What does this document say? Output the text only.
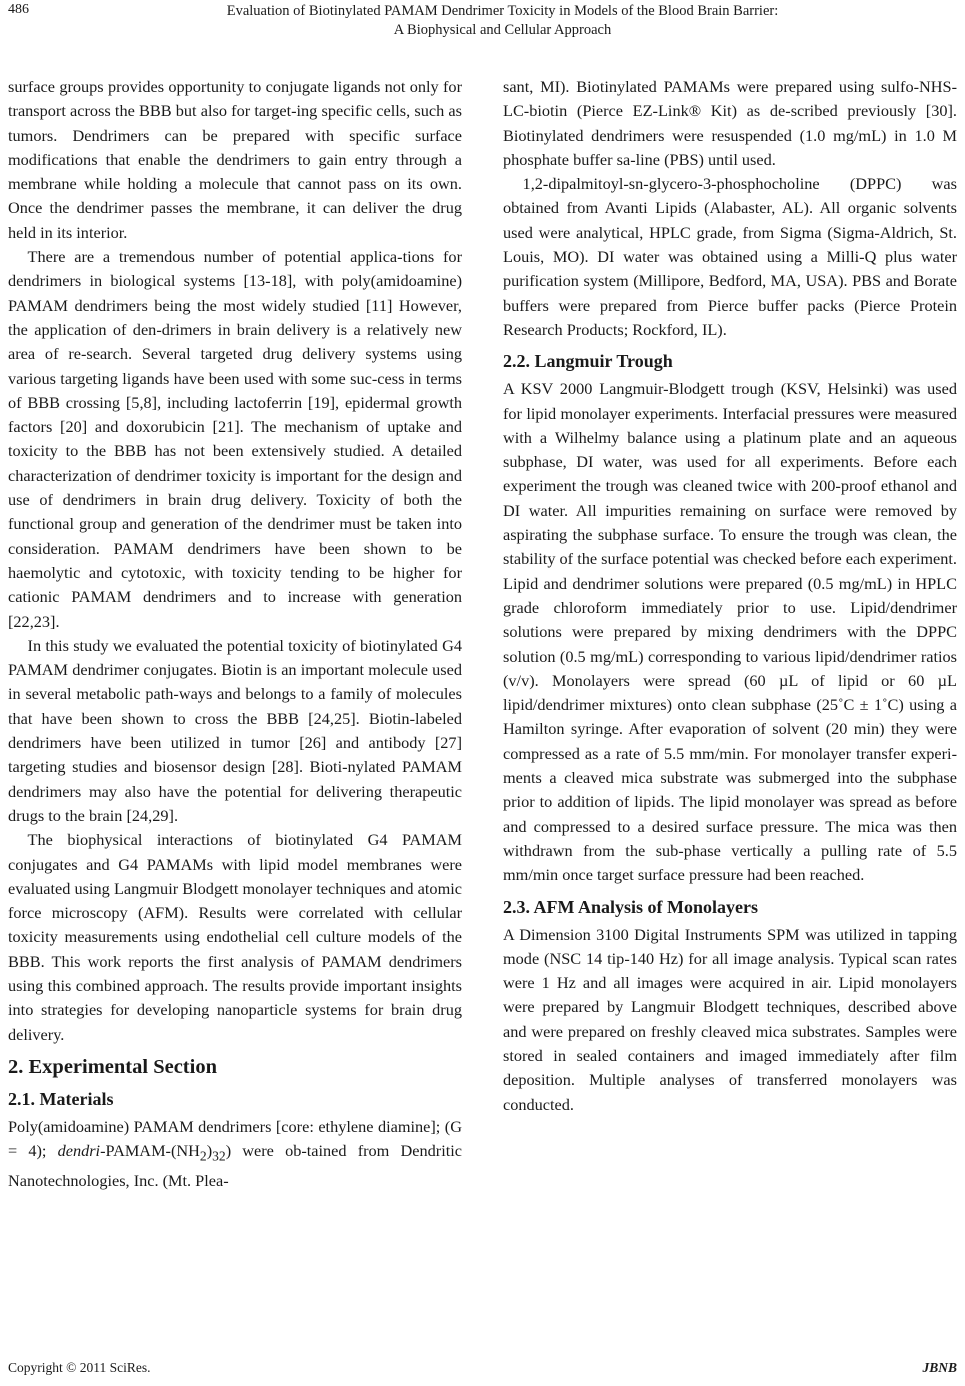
486	Evaluation of Biotinylated PAMAM Dendrimer Toxicity in Models of the Blood Brain Barrier:
A Biophysical and Cellular Approach

surface groups provides opportunity to conjugate ligands not only for transport across the BBB but also for target-ing specific cells, such as tumors. Dendrimers can be prepared with specific surface modifications that enable the dendrimers to gain entry through a membrane while holding a molecule that cannot pass on its own. Once the dendrimer passes the membrane, it can deliver the drug held in its interior.

There are a tremendous number of potential applica-tions for dendrimers in biological systems [13-18], with poly(amidoamine) PAMAM dendrimers being the most widely studied [11] However, the application of den-drimers in brain delivery is a relatively new area of re-search. Several targeted drug delivery systems using various targeting ligands have been used with some suc-cess in terms of BBB crossing [5,8], including lactoferrin [19], epidermal growth factors [20] and doxorubicin [21]. The mechanism of uptake and toxicity to the BBB has not been extensively studied. A detailed characterization of dendrimer toxicity is important for the design and use of dendrimers in brain drug delivery. Toxicity of both the functional group and generation of the dendrimer must be taken into consideration. PAMAM dendrimers have been shown to be haemolytic and cytotoxic, with toxicity tending to be higher for cationic PAMAM dendrimers and to increase with generation [22,23].

In this study we evaluated the potential toxicity of biotinylated G4 PAMAM dendrimer conjugates. Biotin is an important molecule used in several metabolic path-ways and belongs to a family of molecules that have been shown to cross the BBB [24,25]. Biotin-labeled dendrimers have been utilized in tumor [26] and antibody [27] targeting studies and biosensor design [28]. Bioti-nylated PAMAM dendrimers may also have the potential for delivering therapeutic drugs to the brain [24,29].

The biophysical interactions of biotinylated G4 PAMAM conjugates and G4 PAMAMs with lipid model membranes were evaluated using Langmuir Blodgett monolayer techniques and atomic force microscopy (AFM). Results were correlated with cellular toxicity measurements using endothelial cell culture models of the BBB. This work reports the first analysis of PAMAM dendrimers using this combined approach. The results provide important insights into strategies for developing nanoparticle systems for brain drug delivery.

2. Experimental Section
2.1. Materials

Poly(amidoamine) PAMAM dendrimers [core: ethylene diamine]; (G = 4); dendri-$PAMAM-(NH_2)_{32}$) were ob-tained from Dendritic Nanotechnologies, Inc. (Mt. Plea-

sant, MI). Biotinylated PAMAMs were prepared using sulfo-NHS-LC-biotin (Pierce EZ-Link® Kit) as de-scribed previously [30]. Biotinylated dendrimers were resuspended (1.0 mg/mL) in 1.0 M phosphate buffer sa-line (PBS) until used.

1,2-dipalmitoyl-sn-glycero-3-phosphocholine (DPPC) was obtained from Avanti Lipids (Alabaster, AL). All organic solvents used were analytical, HPLC grade, from Sigma (Sigma-Aldrich, St. Louis, MO). DI water was obtained using a Milli-Q plus water purification system (Millipore, Bedford, MA, USA). PBS and Borate buffers were prepared from Pierce buffer packs (Pierce Protein Research Products; Rockford, IL).

2.2. Langmuir Trough

A KSV 2000 Langmuir-Blodgett trough (KSV, Helsinki) was used for lipid monolayer experiments. Interfacial pressures were measured with a Wilhelmy balance using a platinum plate and an aqueous subphase, DI water, was used for all experiments. Before each experiment the trough was cleaned twice with 200-proof ethanol and DI water. All impurities remaining on surface were removed by aspirating the subphase surface. To ensure the trough was clean, the stability of the surface potential was checked before each experiment. Lipid and dendrimer solutions were prepared (0.5 mg/mL) in HPLC grade chloroform immediately prior to use. Lipid/dendrimer solutions were prepared by mixing dendrimers with the DPPC solution (0.5 mg/mL) corresponding to various lipid/dendrimer ratios (v/v). Monolayers were spread (60 µL of lipid or 60 µL lipid/dendrimer mixtures) onto clean subphase (25˚C ± 1˚C) using a Hamilton syringe. After evaporation of solvent (20 min) they were compressed as a rate of 5.5 mm/min. For monolayer transfer experi-ments a cleaved mica substrate was submerged into the subphase prior to addition of lipids. The lipid monolayer was spread as before and compressed to a desired surface pressure. The mica was then withdrawn from the sub-phase vertically a pulling rate of 5.5 mm/min once target surface pressure had been reached.

2.3. AFM Analysis of Monolayers

A Dimension 3100 Digital Instruments SPM was utilized in tapping mode (NSC 14 tip-140 Hz) for all image analysis. Typical scan rates were 1 Hz and all images were acquired in air. Lipid monolayers were prepared by Langmuir Blodgett techniques, described above and were prepared on freshly cleaved mica substrates. Samples were stored in sealed containers and imaged immediately after film deposition. Multiple analyses of transferred monolayers was conducted.

Copyright © 2011 SciRes.	JBNB
